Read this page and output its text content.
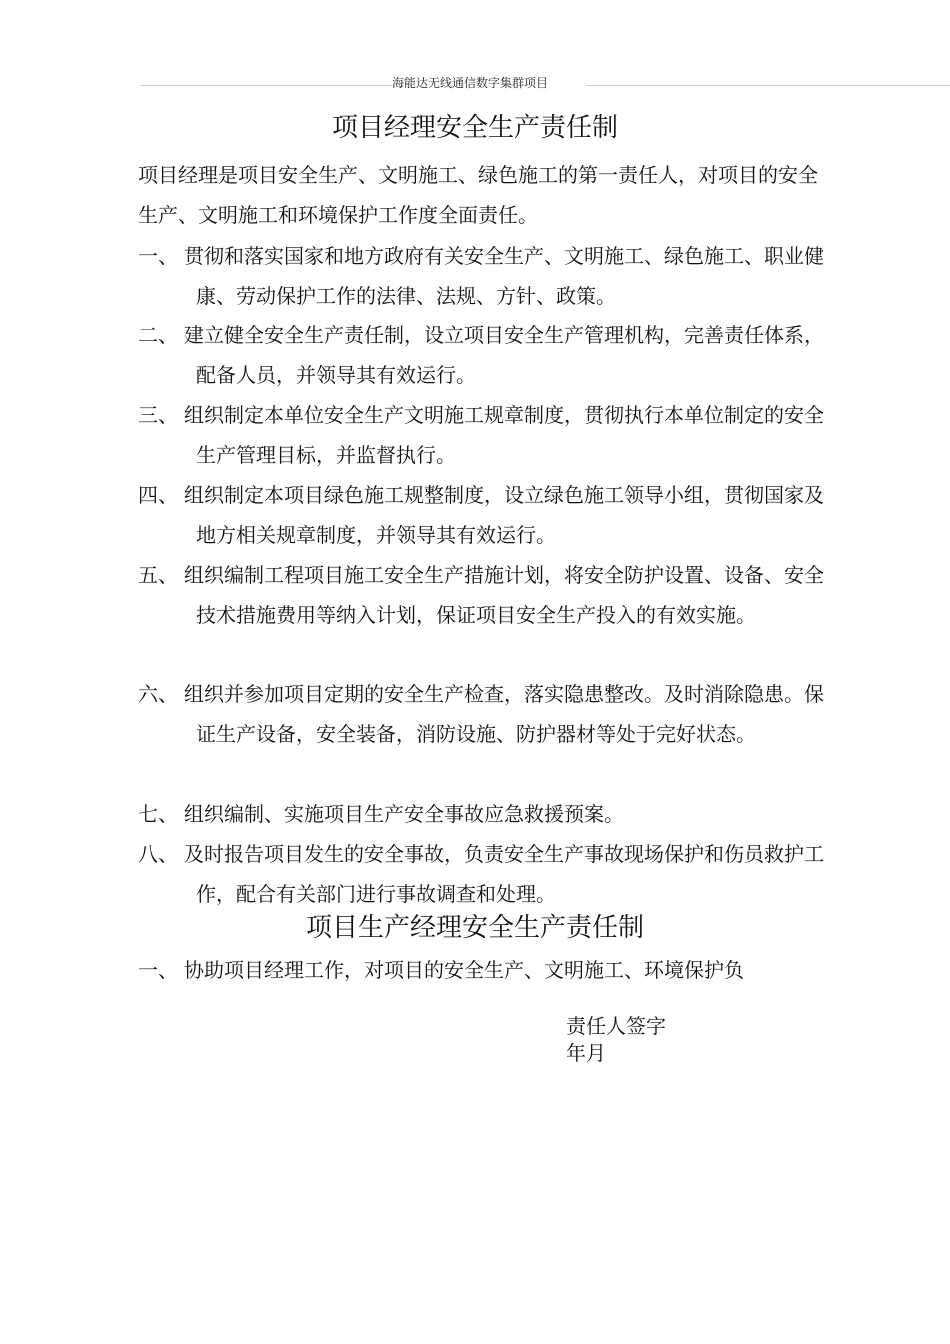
海能达无线通信数字集群项目
项目经理安全生产责任制
项目经理是项目安全生产、文明施工、绿色施工的第一责任人，对项目的安全生产、文明施工和环境保护工作度全面责任。
一、 贯彻和落实国家和地方政府有关安全生产、文明施工、绿色施工、职业健康、劳动保护工作的法律、法规、方针、政策。
二、 建立健全安全生产责任制，设立项目安全生产管理机构，完善责任体系，配备人员，并领导其有效运行。
三、 组织制定本单位安全生产文明施工规章制度，贯彻执行本单位制定的安全生产管理目标，并监督执行。
四、 组织制定本项目绿色施工规整制度，设立绿色施工领导小组，贯彻国家及地方相关规章制度，并领导其有效运行。
五、 组织编制工程项目施工安全生产措施计划，将安全防护设置、设备、安全技术措施费用等纳入计划，保证项目安全生产投入的有效实施。
六、 组织并参加项目定期的安全生产检查，落实隐患整改。及时消除隐患。保证生产设备，安全装备，消防设施、防护器材等处于完好状态。
七、 组织编制、实施项目生产安全事故应急救援预案。
八、 及时报告项目发生的安全事故，负责安全生产事故现场保护和伤员救护工作，配合有关部门进行事故调查和处理。
项目生产经理安全生产责任制
一、 协助项目经理工作，对项目的安全生产、文明施工、环境保护负
责任人签字
年月
